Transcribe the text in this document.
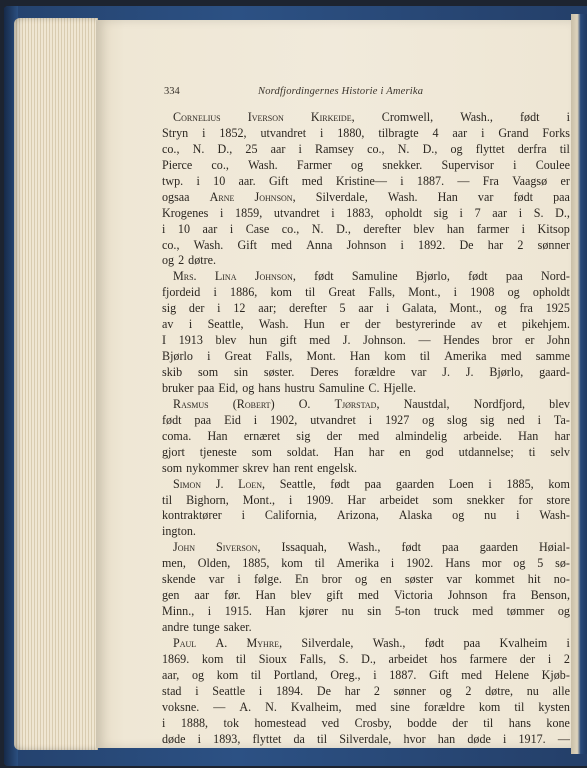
334	Nordfjordingernes Historie i Amerika
Cornelius Iverson Kirkeide, Cromwell, Wash., født i
Stryn i 1852, utvandret i 1880, tilbragte 4 aar i Grand Forks
co., N. D., 25 aar i Ramsey co., N. D., og flyttet derfra til
Pierce co., Wash. Farmer og snekker. Supervisor i Coulee
twp. i 10 aar. Gift med Kristine— i 1887. — Fra Vaagsø er
ogsaa Arne Johnson, Silverdale, Wash. Han var født paa
Krogenes i 1859, utvandret i 1883, opholdt sig i 7 aar i S. D.,
i 10 aar i Case co., N. D., derefter blev han farmer i Kitsop
co., Wash. Gift med Anna Johnson i 1892. De har 2 sønner
og 2 døtre.
Mrs. Lina Johnson, født Samuline Bjørlo, født paa Nord-
fjordeid i 1886, kom til Great Falls, Mont., i 1908 og opholdt
sig der i 12 aar; derefter 5 aar i Galata, Mont., og fra 1925
av i Seattle, Wash. Hun er der bestyrerinde av et pikehjem.
I 1913 blev hun gift med J. Johnson. — Hendes bror er John
Bjørlo i Great Falls, Mont. Han kom til Amerika med samme
skib som sin søster. Deres forældre var J. J. Bjørlo, gaard-
bruker paa Eid, og hans hustru Samuline C. Hjelle.
Rasmus (Robert) O. Tjørstad, Naustdal, Nordfjord, blev
født paa Eid i 1902, utvandret i 1927 og slog sig ned i Ta-
coma. Han ernæret sig der med almindelig arbeide. Han har
gjort tjeneste som soldat. Han har en god utdannelse; ti selv
som nykommer skrev han rent engelsk.
Simon J. Loen, Seattle, født paa gaarden Loen i 1885, kom
til Bighorn, Mont., i 1909. Har arbeidet som snekker for store
kontraktører i California, Arizona, Alaska og nu i Wash-
ington.
John Siverson, Issaquah, Wash., født paa gaarden Høial-
men, Olden, 1885, kom til Amerika i 1902. Hans mor og 5 sø-
skende var i følge. En bror og en søster var kommet hit no-
gen aar før. Han blev gift med Victoria Johnson fra Benson,
Minn., i 1915. Han kjører nu sin 5-ton truck med tømmer og
andre tunge saker.
Paul A. Myhre, Silverdale, Wash., født paa Kvalheim i
1869. kom til Sioux Falls, S. D., arbeidet hos farmere der i 2
aar, og kom til Portland, Oreg., i 1887. Gift med Helene Kjøb-
stad i Seattle i 1894. De har 2 sønner og 2 døtre, nu alle
voksne. — A. N. Kvalheim, med sine forældre kom til kysten
i 1888, tok homestead ved Crosby, bodde der til hans kone
døde i 1893, flyttet da til Silverdale, hvor han døde i 1917. —
